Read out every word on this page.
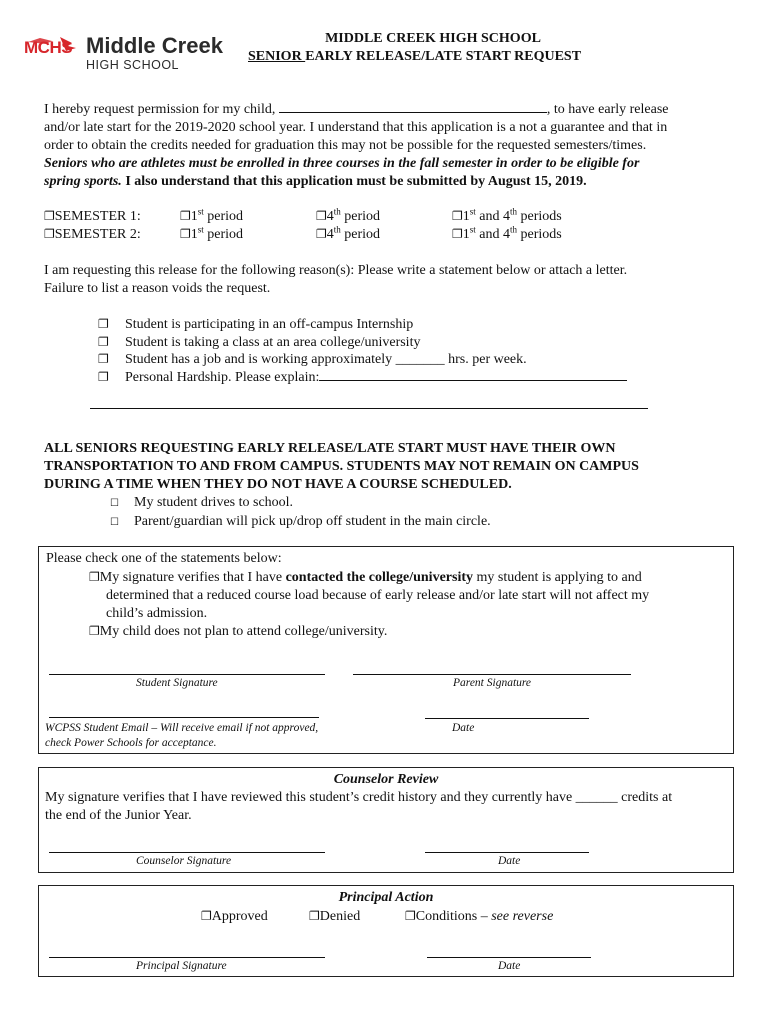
MCHS Middle Creek
HIGH SCHOOL
MIDDLE CREEK HIGH SCHOOL
SENIOR EARLY RELEASE/LATE START REQUEST
I hereby request permission for my child,	, to have early release
and/or late start for the 2019-2020 school year. I understand that this application is a not a guarantee and that in
order to obtain the credits needed for graduation this may not be possible for the requested semesters/times.
Seniors who are athletes must be enrolled in three courses in the fall semester in order to be eligible for
spring sports. I also understand that this application must be submitted by August 15, 2019.
❐SEMESTER 1:	❐1st period	❐4th period	❐1st and 4th periods
❐SEMESTER 2:	❐1st period	❐4th period	❐1st and 4th periods
I am requesting this release for the following reason(s): Please write a statement below or attach a letter.
Failure to list a reason voids the request.
❐ Student is participating in an off-campus Internship
❐ Student is taking a class at an area college/university
❐ Student has a job and is working approximately _______ hrs. per week.
❐ Personal Hardship. Please explain:
ALL SENIORS REQUESTING EARLY RELEASE/LATE START MUST HAVE THEIR OWN
TRANSPORTATION TO AND FROM CAMPUS. STUDENTS MAY NOT REMAIN ON CAMPUS
DURING A TIME WHEN THEY DO NOT HAVE A COURSE SCHEDULED.
☐ My student drives to school.
☐ Parent/guardian will pick up/drop off student in the main circle.
Please check one of the statements below:
❐My signature verifies that I have contacted the college/university my student is applying to and
determined that a reduced course load because of early release and/or late start will not affect my
child’s admission.
❐My child does not plan to attend college/university.
Student Signature	Parent Signature
WCPSS Student Email – Will receive email if not approved,
check Power Schools for acceptance.
Date
Counselor Review
My signature verifies that I have reviewed this student’s credit history and they currently have ______ credits at
the end of the Junior Year.
Counselor Signature	Date
Principal Action
❐Approved	❐Denied	❐Conditions – see reverse
Principal Signature	Date
